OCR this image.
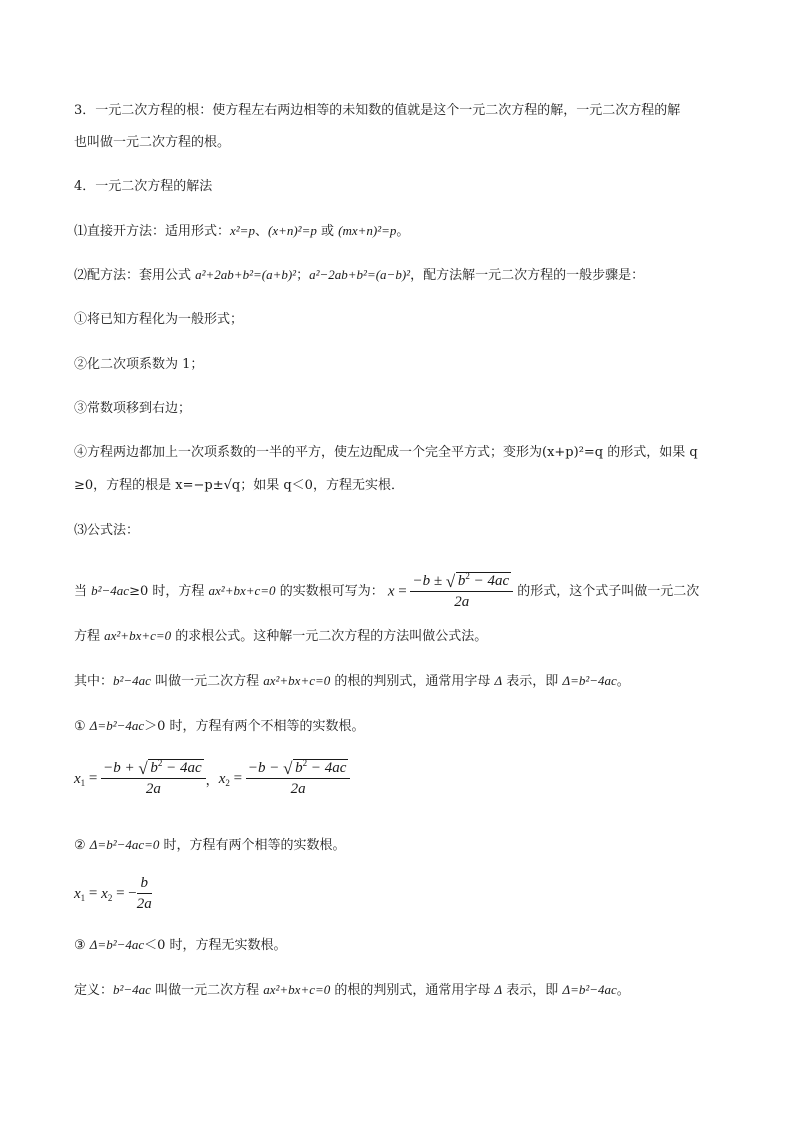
3．一元二次方程的根：使方程左右两边相等的未知数的值就是这个一元二次方程的解，一元二次方程的解
也叫做一元二次方程的根。
4．一元二次方程的解法
⑴直接开方法：适用形式：x²=p、(x+n)²=p 或 (mx+n)²=p。
⑵配方法：套用公式 a²+2ab+b²=(a+b)²；a²−2ab+b²=(a−b)²，配方法解一元二次方程的一般步骤是：
①将已知方程化为一般形式；
②化二次项系数为 1；
③常数项移到右边；
④方程两边都加上一次项系数的一半的平方，使左边配成一个完全平方式；变形为(x+p)²=q 的形式，如果 q
≥0，方程的根是 x=−p±√q；如果 q＜0，方程无实根．
⑶公式法：
当 b²−4ac≥0 时，方程 ax²+bx+c=0 的实数根可写为： $x = \frac{-b \pm √ b^2 - 4ac}{2a}$ 的形式，这个式子叫做一元二次
方程 ax²+bx+c=0 的求根公式。这种解一元二次方程的方法叫做公式法。
其中：b²−4ac 叫做一元二次方程 ax²+bx+c=0 的根的判别式，通常用字母 Δ 表示，即 Δ=b²−4ac。
① Δ=b²−4ac＞0 时，方程有两个不相等的实数根。
$x_1 = \frac{-b + √ b^2 - 4ac}{2a}$ ，$x_2 = \frac{-b - √ b^2 - 4ac}{2a}$
② Δ=b²−4ac=0 时，方程有两个相等的实数根。
$x_1 = x_2$ = − $\frac{b}{2a}$
③ Δ=b²−4ac＜0 时，方程无实数根。
定义：b²−4ac 叫做一元二次方程 ax²+bx+c=0 的根的判别式，通常用字母 Δ 表示，即 Δ=b²−4ac。
